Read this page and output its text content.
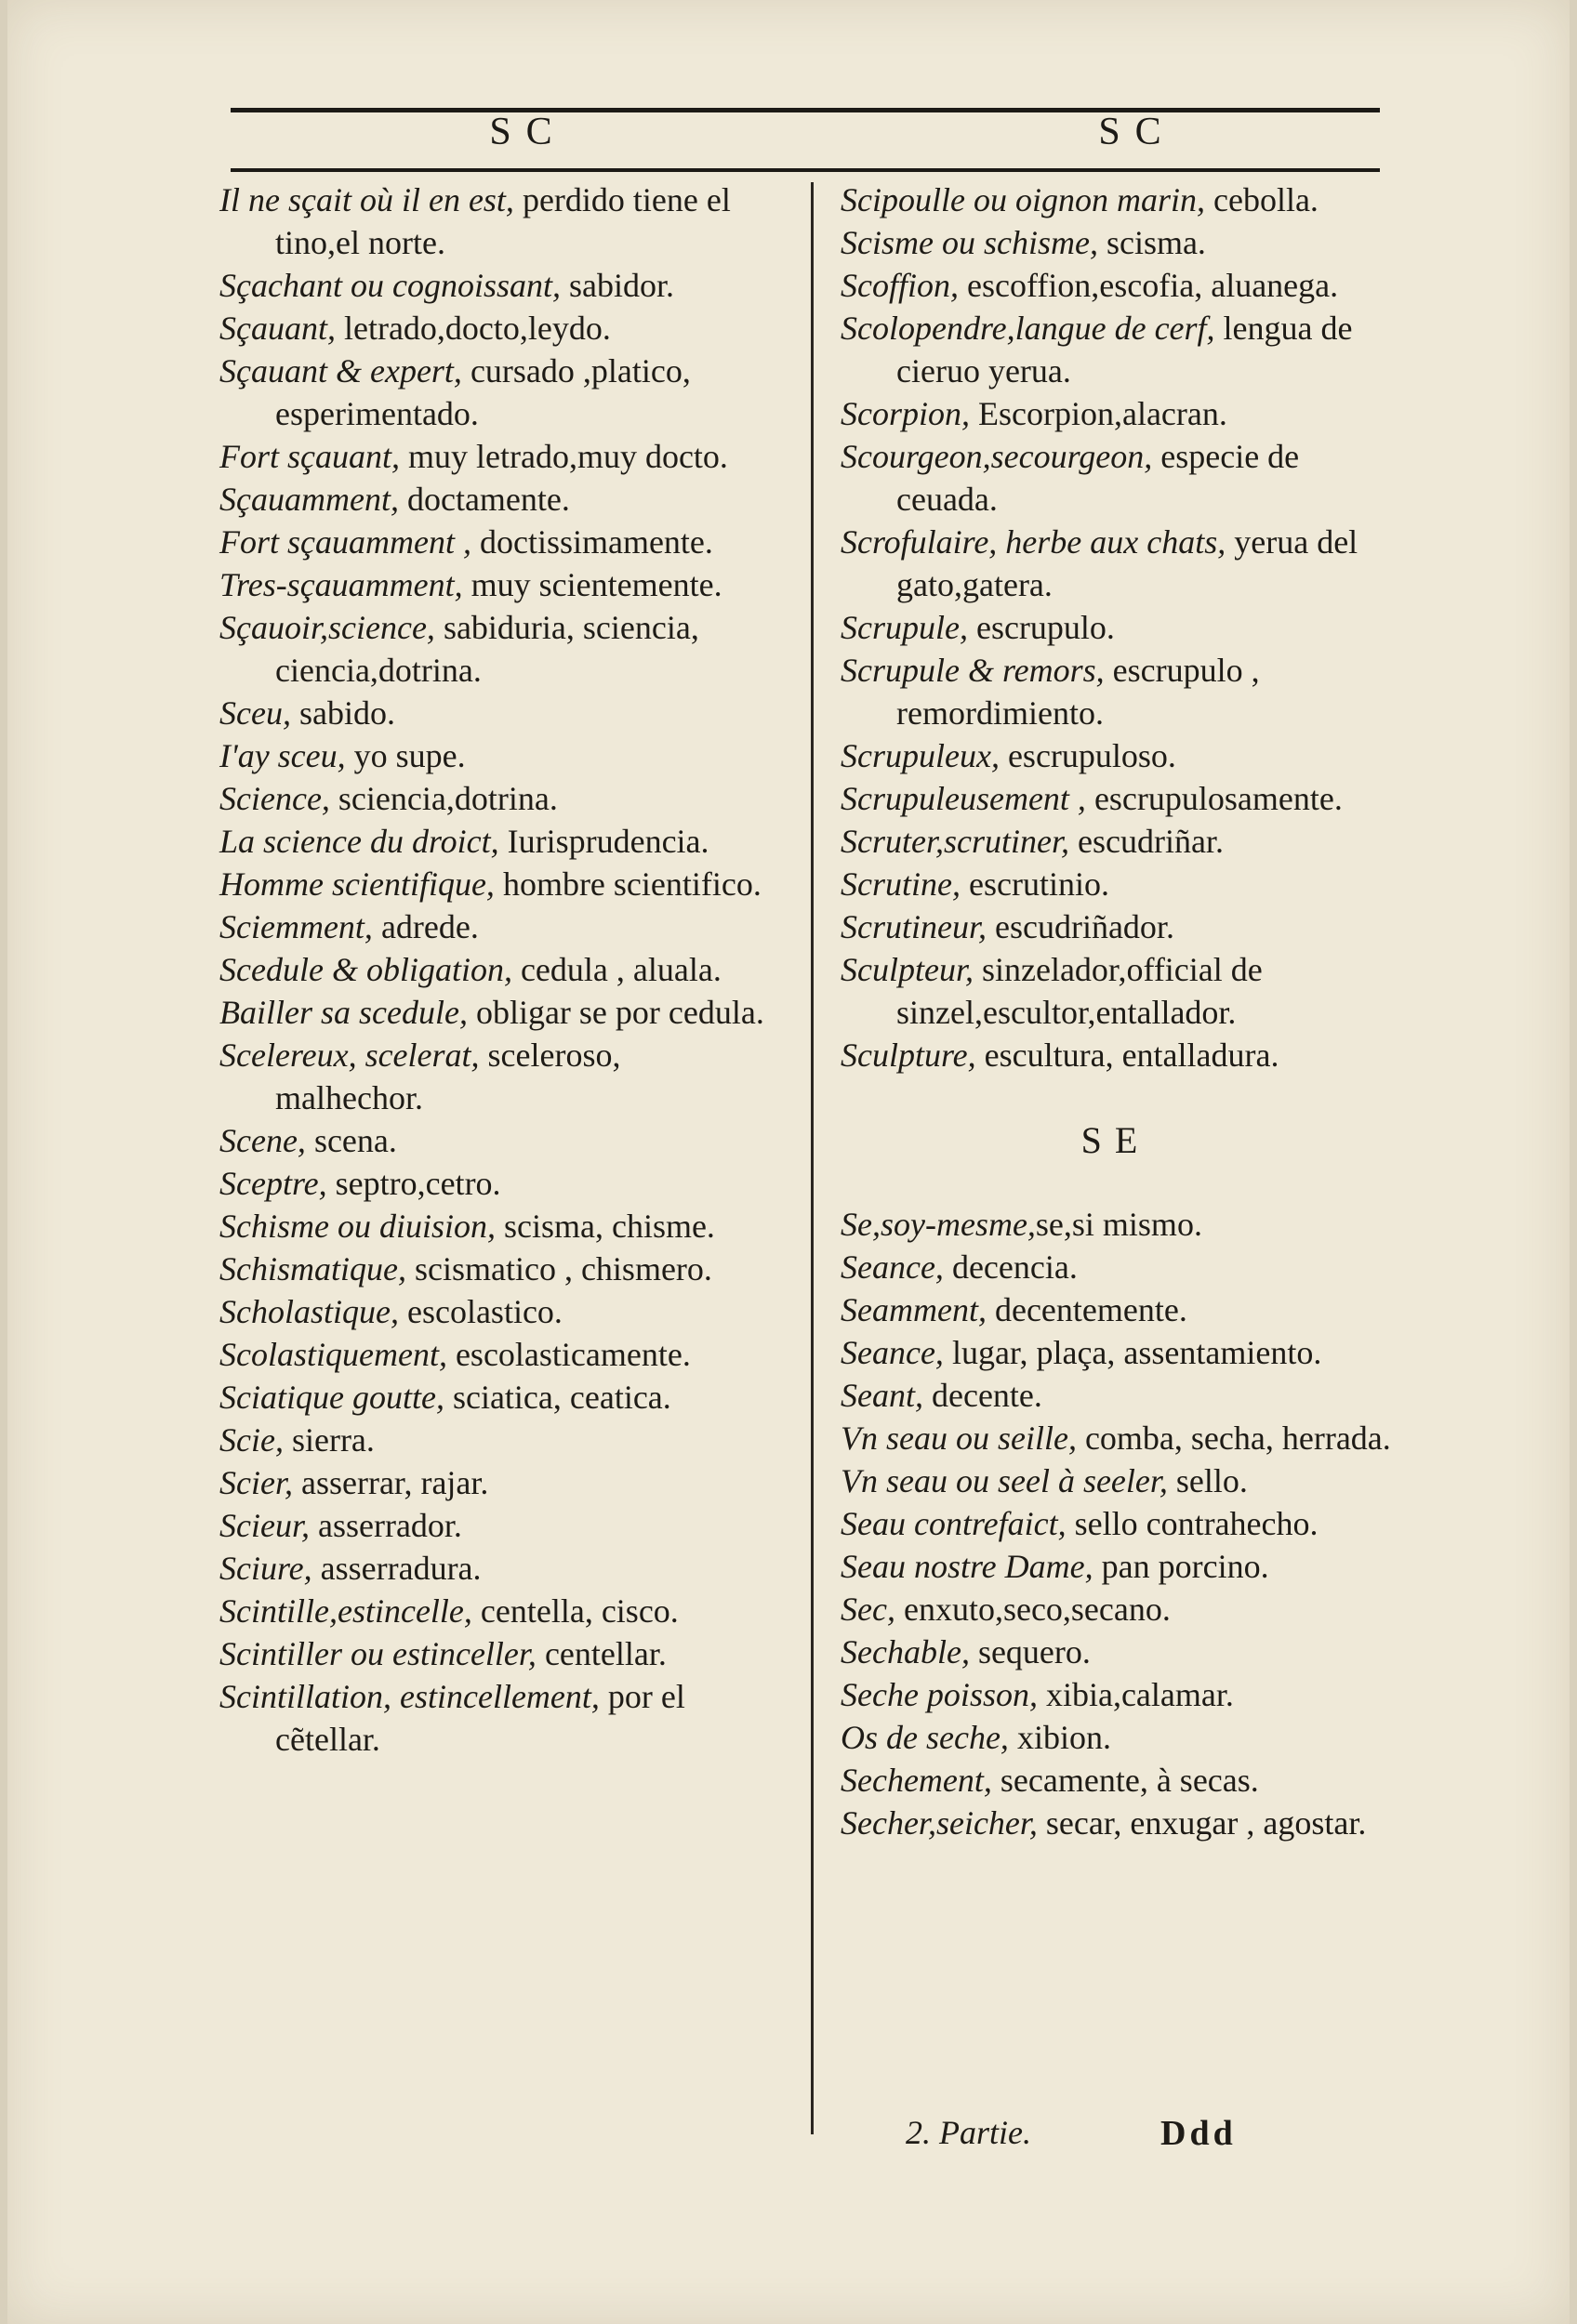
SC	SC
Il ne sçait où il en est, perdido tiene el tino,el norte.
Sçachant ou cognoissant, sabidor.
Sçauant, letrado,docto,leydo.
Sçauant & expert, cursado ,platico, esperimentado.
Fort sçauant, muy letrado,muy docto.
Sçauamment, doctamente.
Fort sçauamment , doctissimamente.
Tres-sçauamment, muy scientemente.
Sçauoir,science, sabiduria, sciencia, ciencia,dotrina.
Sceu, sabido.
I'ay sceu, yo supe.
Science, sciencia,dotrina.
La science du droict, Iurisprudencia.
Homme scientifique, hombre scientifico.
Sciemment, adrede.
Scedule & obligation, cedula , aluala.
Bailler sa scedule, obligar se por cedula.
Scelereux, scelerat, sceleroso, malhechor.
Scene, scena.
Sceptre, septro,cetro.
Schisme ou diuision, scisma, chisme.
Schismatique, scismatico , chismero.
Scholastique, escolastico.
Scolastiquement, escolasticamente.
Sciatique goutte, sciatica, ceatica.
Scie, sierra.
Scier, asserrar, rajar.
Scieur, asserrador.
Sciure, asserradura.
Scintille,estincelle, centella, cisco.
Scintiller ou estinceller, centellar.
Scintillation, estincellement, por el cẽtellar.
Scipoulle ou oignon marin, cebolla.
Scisme ou schisme, scisma.
Scoffion, escoffion,escofia, aluanega.
Scolopendre,langue de cerf, lengua de cieruo yerua.
Scorpion, Escorpion,alacran.
Scourgeon,secourgeon, especie de ceuada.
Scrofulaire, herbe aux chats, yerua del gato,gatera.
Scrupule, escrupulo.
Scrupule & remors, escrupulo , remordimiento.
Scrupuleux, escrupuloso.
Scrupuleusement , escrupulosamente.
Scruter,scrutiner, escudriñar.
Scrutine, escrutinio.
Scrutineur, escudriñador.
Sculpteur, sinzelador,official de sinzel,escultor,entallador.
Sculpture, escultura, entalladura.
SE
Se,soy-mesme,se,si mismo.
Seance, decencia.
Seamment, decentemente.
Seance, lugar, plaça, assentamiento.
Seant, decente.
Vn seau ou seille, comba, secha, herrada.
Vn seau ou seel à seeler, sello.
Seau contrefaict, sello contrahecho.
Seau nostre Dame, pan porcino.
Sec, enxuto,seco,secano.
Sechable, sequero.
Seche poisson, xibia,calamar.
Os de seche, xibion.
Sechement, secamente, à secas.
Secher,seicher, secar, enxugar , agostar.
2. Partie.	Ddd
